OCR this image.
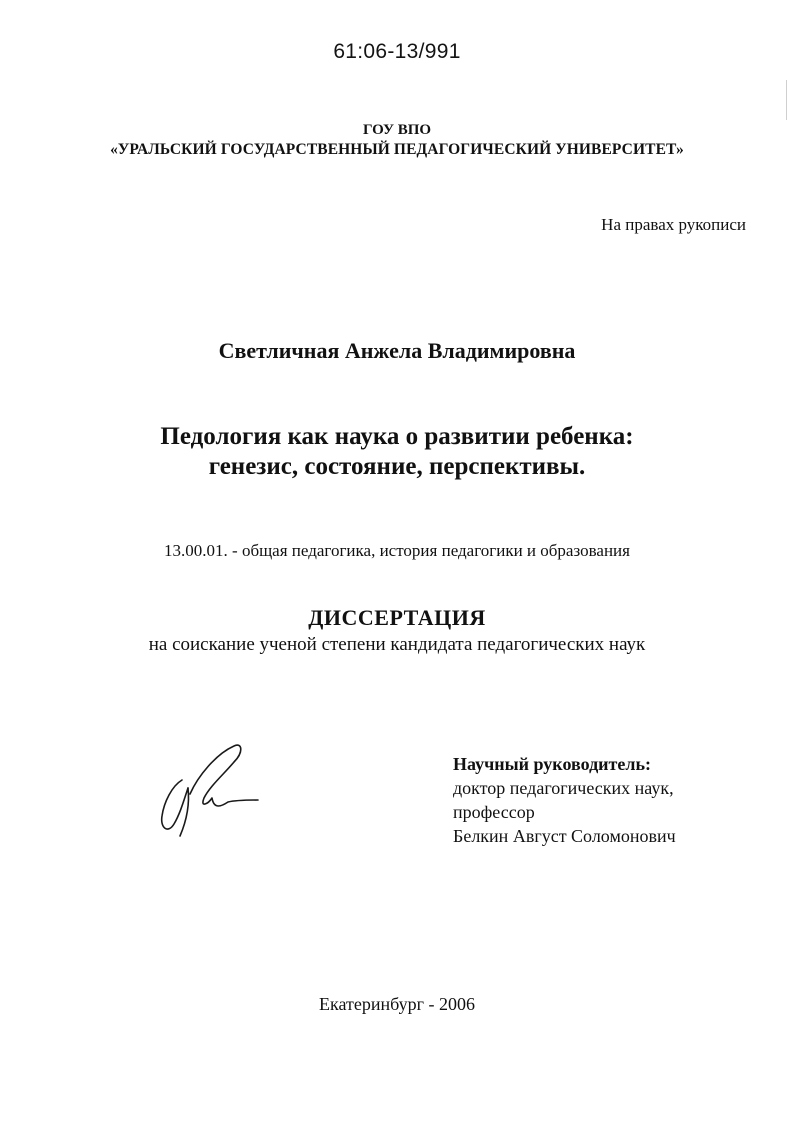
61:06-13/991
ГОУ ВПО
«УРАЛЬСКИЙ ГОСУДАРСТВЕННЫЙ ПЕДАГОГИЧЕСКИЙ УНИВЕРСИТЕТ»
На правах рукописи
Светличная Анжела Владимировна
Педология как наука о развитии ребенка:
генезис, состояние, перспективы.
13.00.01. - общая педагогика, история педагогики и образования
ДИССЕРТАЦИЯ
на соискание ученой степени кандидата педагогических наук
Научный руководитель:
доктор педагогических наук,
профессор
Белкин Август Соломонович
Екатеринбург - 2006
